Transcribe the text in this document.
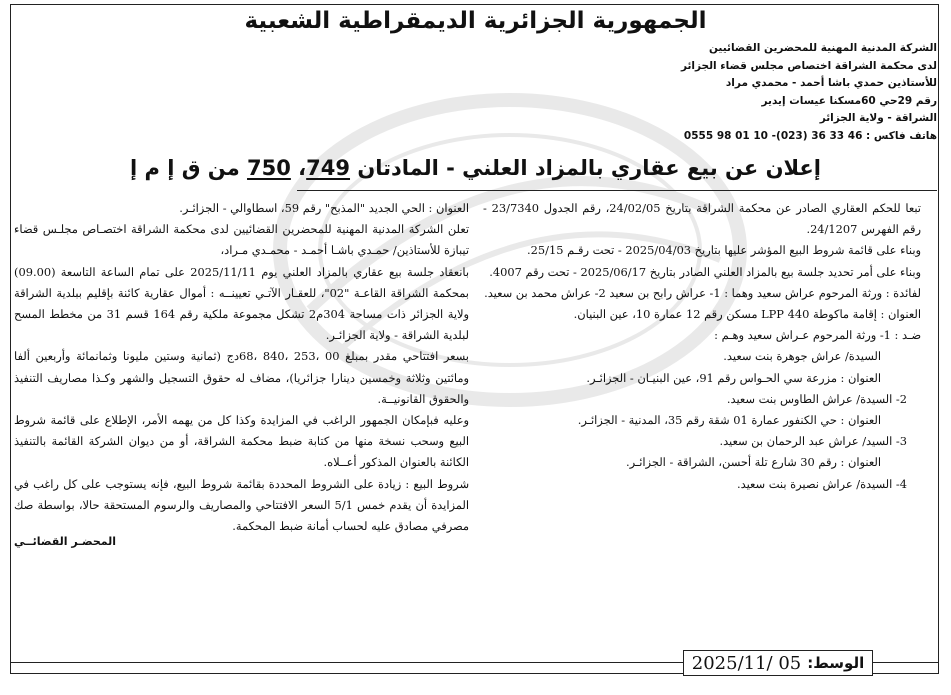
الجمهورية الجزائرية الديمقراطية الشعبية
الشركة المدنية المهنية للمحضرين القضائيين
لدى محكمة الشراقة اختصاص مجلس قضاء الجزائر
للأستاذين حمدي باشا أحمد - محمدي مراد
رقم 29حي 60مسكنا عيسات إيدير
الشراقة - ولاية الجزائر
هاتف فاكس : 46 33 36 (023)- 10 01 98 0555
إعلان عن بيع عقاري بالمزاد العلني - المادتان 749، 750 من ق إ م إ

تبعا للحكم العقاري الصادر عن محكمة الشراقة بتاريخ 24/02/05، رقم الجدول 23/7340 - رقم الفهرس 24/1207.

وبناء على قائمة شروط البيع المؤشر عليها بتاريخ 2025/04/03 - تحت رقـم 25/15.

وبناء على أمر تحديد جلسة بيع بالمزاد العلني الصادر بتاريخ 2025/06/17 - تحت رقم 4007.

لفائدة : ورثة المرحوم عراش سعيد وهما : 1- عراش رابح بن سعيد 2- عراش محمد بن سعيد.

العنوان : إقامة ماكوطة LPP 440 مسكن رقم 12 عمارة 10، عين البنيان.

ضـد : 1- ورثة المرحوم عـراش سعيد وهـم :

السيدة/ عراش جوهرة بنت سعيد.

العنوان : مزرعة سي الحـواس رقم 91، عين البنيـان - الجزائـر.

2- السيدة/ عراش الطاوس بنت سعيد.

العنوان : حي الكنفور عمارة 01 شقة رقم 35، المدنية - الجزائـر.

3- السيد/ عراش عبد الرحمان بن سعيد.

العنوان : رقم 30 شارع تلة أحسن، الشراقة - الجزائـر.

4- السيدة/ عراش نصيرة بنت سعيد.

العنوان : الحي الجديد "المذبح" رقم 59، اسطاوالي - الجزائـر.

تعلن الشركة المدنية المهنية للمحضرين القضائيين لدى محكمة الشراقة اختصـاص مجلـس قضاء تيبازة للأستاذين/ حمـدي باشـا أحمـد - محمـدي مـراد،

بانعقاد جلسة بيع عقاري بالمزاد العلني يوم 2025/11/11 على تمام الساعة التاسعة (09.00) بمحكمة الشراقة القاعـة "02"، للعقـار الآتـي تعيينــه : أموال عقارية كائنة بإقليم ببلدية الشراقة ولاية الجزائر ذات مساحة 304م2 تشكل مجموعة ملكية رقم 164 قسم 31 من مخطط المسح لبلدية الشراقة - ولاية الجزائـر.

بسعر افتتاحي مقدر بمبلغ 00 ،253 ،840 ،68دج (ثمانية وستين مليونا وثمانمائة وأربعين ألفا ومائتين وثلاثة وخمسين دينارا جزائريا)، مضاف له حقوق التسجيل والشهر وكـذا مصاريف التنفيذ والحقوق القانونيــة.

وعليه فبإمكان الجمهور الراغب في المزايدة وكذا كل من يهمه الأمر، الإطلاع على قائمة شروط البيع وسحب نسخة منها من كتابة ضبط محكمة الشراقة، أو من ديوان الشركة القائمة بالتنفيذ الكائنة بالعنوان المذكور أعــلاه.

شروط البيع : زيادة على الشروط المحددة بقائمة شروط البيع، فإنه يستوجب على كل راغب في المزايدة أن يقدم خمس 5/1 السعر الافتتاحي والمصاريف والرسوم المستحقة حالا، بواسطة صك مصرفي مصادق عليه لحساب أمانة ضبط المحكمة.

المحضـر القضائــي
الوسط:
2025/11/ 05
